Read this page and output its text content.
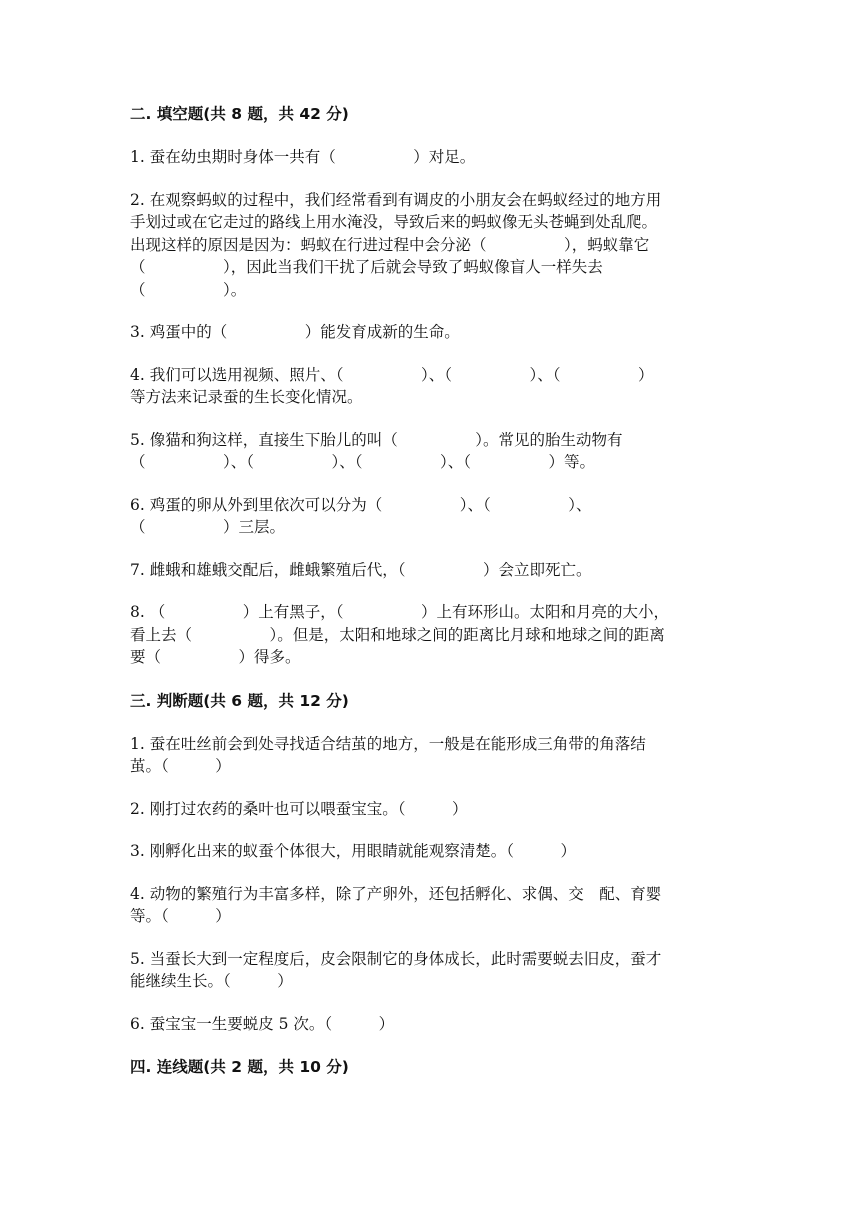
二. 填空题(共 8 题，共 42 分)
1. 蚕在幼虫期时身体一共有（　　　　　）对足。
2. 在观察蚂蚁的过程中，我们经常看到有调皮的小朋友会在蚂蚁经过的地方用
手划过或在它走过的路线上用水淹没，导致后来的蚂蚁像无头苍蝇到处乱爬。
出现这样的原因是因为：蚂蚁在行进过程中会分泌（　　　　　），蚂蚁靠它
（　　　　　），因此当我们干扰了后就会导致了蚂蚁像盲人一样失去
（　　　　　）。
3. 鸡蛋中的（　　　　　）能发育成新的生命。
4. 我们可以选用视频、照片、（　　　　　）、（　　　　　）、（　　　　　）
等方法来记录蚕的生长变化情况。
5. 像猫和狗这样，直接生下胎儿的叫（　　　　　）。常见的胎生动物有
（　　　　　）、（　　　　　）、（　　　　　）、（　　　　　）等。
6. 鸡蛋的卵从外到里依次可以分为（　　　　　）、（　　　　　）、
（　　　　　）三层。
7. 雌蛾和雄蛾交配后，雌蛾繁殖后代，（　　　　　）会立即死亡。
8. （　　　　　）上有黑子，（　　　　　）上有环形山。太阳和月亮的大小，
看上去（　　　　　）。但是，太阳和地球之间的距离比月球和地球之间的距离
要（　　　　　）得多。
三. 判断题(共 6 题，共 12 分)
1. 蚕在吐丝前会到处寻找适合结茧的地方，一般是在能形成三角带的角落结
茧。（　　　）
2. 刚打过农药的桑叶也可以喂蚕宝宝。（　　　）
3. 刚孵化出来的蚁蚕个体很大，用眼睛就能观察清楚。（　　　）
4. 动物的繁殖行为丰富多样，除了产卵外，还包括孵化、求偶、交　配、育婴
等。（　　　）
5. 当蚕长大到一定程度后，皮会限制它的身体成长，此时需要蜕去旧皮，蚕才
能继续生长。（　　　）
6. 蚕宝宝一生要蜕皮 5 次。（　　　）
四. 连线题(共 2 题，共 10 分)
